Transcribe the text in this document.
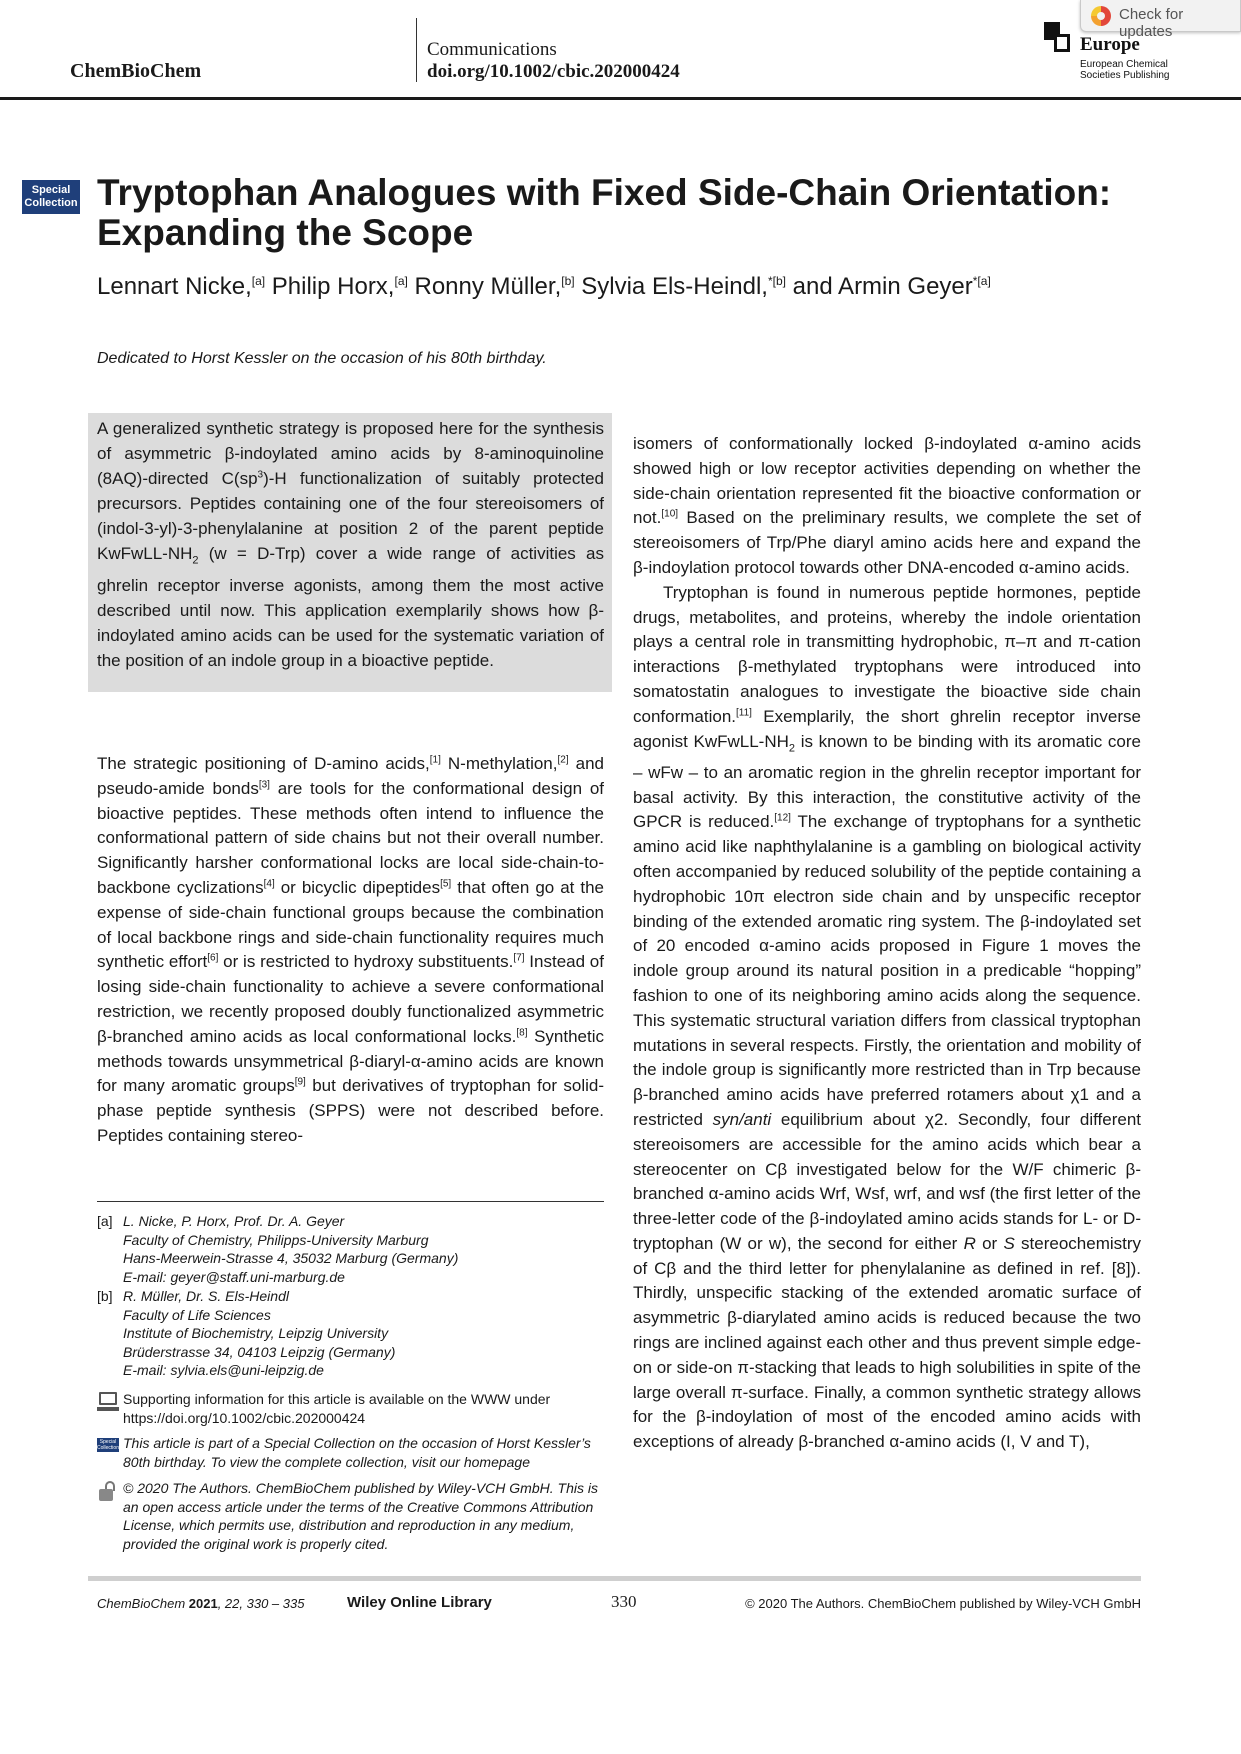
ChemBioChem
Communications
doi.org/10.1002/cbic.202000424
Europe
European Chemical
Societies Publishing
Check for updates
Special
Collection Tryptophan Analogues with Fixed Side-Chain Orientation:
Expanding the Scope
Lennart Nicke,[a] Philip Horx,[a] Ronny Müller,[b] Sylvia Els-Heindl,$^{*[b]}$ and Armin Geyer$^{*[a]}$
Dedicated to Horst Kessler on the occasion of his 80th birthday.
A generalized synthetic strategy is proposed here for the synthesis of asymmetric β-indoylated amino acids by 8-aminoquinoline (8AQ)-directed C(sp$^3$)-H functionalization of suitably protected precursors. Peptides containing one of the four stereoisomers of (indol-3-yl)-3-phenylalanine at position 2 of the parent peptide KwFwLL-$NH_2$ (w = D-Trp) cover a wide range of activities as ghrelin receptor inverse agonists, among them the most active described until now. This application exemplarily shows how β-indoylated amino acids can be used for the systematic variation of the position of an indole group in a bioactive peptide.
The strategic positioning of D-amino acids,[1] N-methylation,[2] and pseudo-amide bonds[3] are tools for the conformational design of bioactive peptides. These methods often intend to influence the conformational pattern of side chains but not their overall number. Significantly harsher conformational locks are local side-chain-to-backbone cyclizations[4] or bicyclic dipeptides[5] that often go at the expense of side-chain functional groups because the combination of local backbone rings and side-chain functionality requires much synthetic effort[6] or is restricted to hydroxy substituents.[7] Instead of losing side-chain functionality to achieve a severe conformational restriction, we recently proposed doubly functionalized asymmetric β-branched amino acids as local conformational locks.[8] Synthetic methods towards unsymmetrical β-diaryl-α-amino acids are known for many aromatic groups[9] but derivatives of tryptophan for solid-phase peptide synthesis (SPPS) were not described before. Peptides containing stereo-

isomers of conformationally locked β-indoylated α-amino acids showed high or low receptor activities depending on whether the side-chain orientation represented fit the bioactive conformation or not.[10] Based on the preliminary results, we complete the set of stereoisomers of Trp/Phe diaryl amino acids here and expand the β-indoylation protocol towards other DNA-encoded α-amino acids.

Tryptophan is found in numerous peptide hormones, peptide drugs, metabolites, and proteins, whereby the indole orientation plays a central role in transmitting hydrophobic, π–π and π-cation interactions β-methylated tryptophans were introduced into somatostatin analogues to investigate the bioactive side chain conformation.[11] Exemplarily, the short ghrelin receptor inverse agonist KwFwLL-$NH_2$ is known to be binding with its aromatic core – wFw – to an aromatic region in the ghrelin receptor important for basal activity. By this interaction, the constitutive activity of the GPCR is reduced.[12] The exchange of tryptophans for a synthetic amino acid like naphthylalanine is a gambling on biological activity often accompanied by reduced solubility of the peptide containing a hydrophobic 10π electron side chain and by unspecific receptor binding of the extended aromatic ring system. The β-indoylated set of 20 encoded α-amino acids proposed in Figure 1 moves the indole group around its natural position in a predicable “hopping” fashion to one of its neighboring amino acids along the sequence. This systematic structural variation differs from classical tryptophan mutations in several respects. Firstly, the orientation and mobility of the indole group is significantly more restricted than in Trp because β-branched amino acids have preferred rotamers about χ1 and a restricted syn/anti equilibrium about χ2. Secondly, four different stereoisomers are accessible for the amino acids which bear a stereocenter on Cβ investigated below for the W/F chimeric β-branched α-amino acids Wrf, Wsf, wrf, and wsf (the first letter of the three-letter code of the β-indoylated amino acids stands for L- or D-tryptophan (W or w), the second for either R or S stereochemistry of Cβ and the third letter for phenylalanine as defined in ref. [8]). Thirdly, unspecific stacking of the extended aromatic surface of asymmetric β-diarylated amino acids is reduced because the two rings are inclined against each other and thus prevent simple edge-on or side-on π-stacking that leads to high solubilities in spite of the large overall π-surface. Finally, a common synthetic strategy allows for the β-indoylation of most of the encoded amino acids with exceptions of already β-branched α-amino acids (I, V and T),

[a] L. Nicke, P. Horx, Prof. Dr. A. Geyer
Faculty of Chemistry, Philipps-University Marburg
Hans-Meerwein-Strasse 4, 35032 Marburg (Germany)
E-mail: geyer@staff.uni-marburg.de
[b] R. Müller, Dr. S. Els-Heindl
Faculty of Life Sciences
Institute of Biochemistry, Leipzig University
Brüderstrasse 34, 04103 Leipzig (Germany)
E-mail: sylvia.els@uni-leipzig.de
Supporting information for this article is available on the WWW under https://doi.org/10.1002/cbic.202000424
Special
Collection This article is part of a Special Collection on the occasion of Horst Kessler’s 80th birthday. To view the complete collection, visit our homepage
© 2020 The Authors. ChemBioChem published by Wiley-VCH GmbH. This is an open access article under the terms of the Creative Commons Attribution License, which permits use, distribution and reproduction in any medium, provided the original work is properly cited.
ChemBioChem 2021, 22, 330 – 335	Wiley Online Library	330	© 2020 The Authors. ChemBioChem published by Wiley-VCH GmbH
